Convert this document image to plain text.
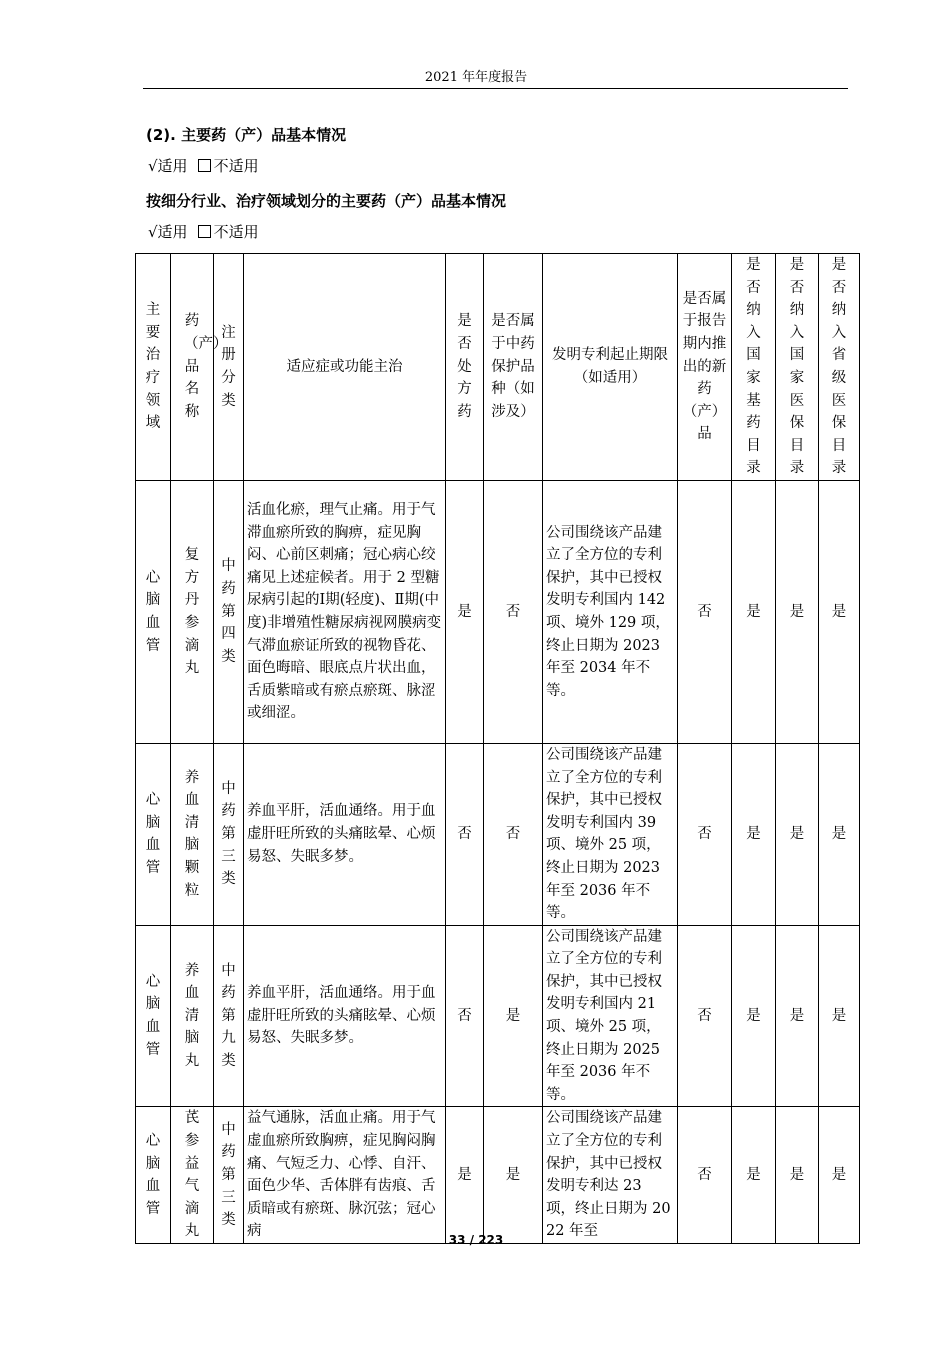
2021 年年度报告
(2). 主要药（产）品基本情况
√适用 不适用
按细分行业、治疗领域划分的主要药（产）品基本情况
√适用 不适用
主要治疗领域	药（产）品名称	注册分类	适应症或功能主治	是否处方药	是否属于中药保护品种（如涉及）	发明专利起止期限（如适用）	是否属于报告期内推出的新药（产）品	是否纳入国家基药目录	是否纳入国家医保目录	是否纳入省级医保目录

心脑血管	复方丹参滴丸	中药第四类	活血化瘀，理气止痛。用于气滞血瘀所致的胸痹，症见胸闷、心前区刺痛；冠心病心绞痛见上述症候者。用于 2 型糖尿病引起的Ⅰ期(轻度)、Ⅱ期(中度)非增殖性糖尿病视网膜病变气滞血瘀证所致的视物昏花、面色晦暗、眼底点片状出血，舌质紫暗或有瘀点瘀斑、脉涩或细涩。	是	否	公司围绕该产品建立了全方位的专利保护，其中已授权发明专利国内 142 项、境外 129 项，终止日期为 2023 年至 2034 年不等。	否	是	是	是

心脑血管	养血清脑颗粒	中药第三类	养血平肝，活血通络。用于血虚肝旺所致的头痛眩晕、心烦易怒、失眠多梦。	否	否	公司围绕该产品建立了全方位的专利保护，其中已授权发明专利国内 39 项、境外 25 项，终止日期为 2023 年至 2036 年不等。	否	是	是	是

心脑血管	养血清脑丸	中药第九类	养血平肝，活血通络。用于血虚肝旺所致的头痛眩晕、心烦易怒、失眠多梦。	否	是	公司围绕该产品建立了全方位的专利保护，其中已授权发明专利国内 21 项、境外 25 项，终止日期为 2025 年至 2036 年不等。	否	是	是	是

心脑血管	芪参益气滴丸	中药第三类	益气通脉，活血止痛。用于气虚血瘀所致胸痹，症见胸闷胸痛、气短乏力、心悸、自汗、面色少华、舌体胖有齿痕、舌质暗或有瘀斑、脉沉弦；冠心病	是	是	公司围绕该产品建立了全方位的专利保护，其中已授权发明专利达 23 项，终止日期为 2022 年至	否	是	是	是
33 / 223
